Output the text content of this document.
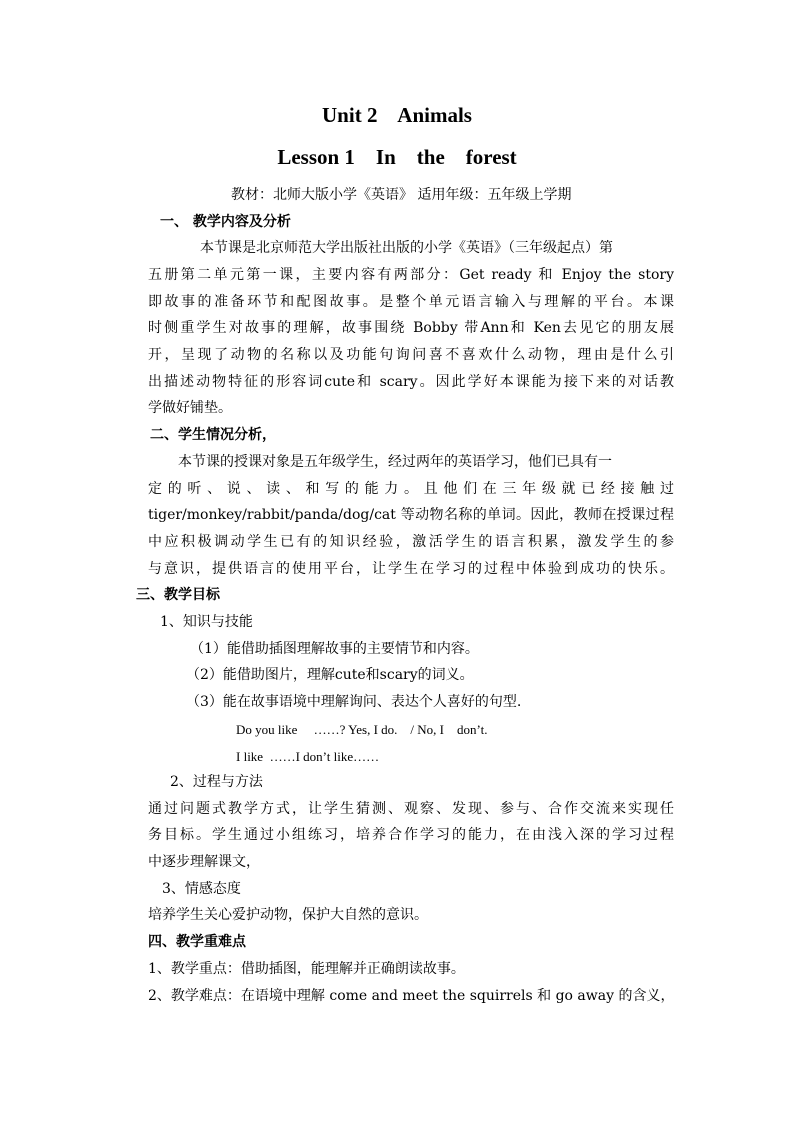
Unit 2    Animals
Lesson 1    In    the    forest
教材：北师大版小学《英语》 适用年级：五年级上学期
一、 教学内容及分析
本节课是北京师范大学出版社出版的小学《英语》（三年级起点）第
五册第二单元第一课，主要内容有两部分：Get ready 和 Enjoy the story
即故事的准备环节和配图故事。是整个单元语言输入与理解的平台。本课
时侧重学生对故事的理解，故事围绕 Bobby 带Ann和 Ken去见它的朋友展
开，呈现了动物的名称以及功能句询问喜不喜欢什么动物，理由是什么引
出描述动物特征的形容词cute和 scary。因此学好本课能为接下来的对话教
学做好铺垫。
二、学生情况分析，
本节课的授课对象是五年级学生，经过两年的英语学习，他们已具有一
定的听、说、读、和写的能力。且他们在三年级就已经接触过
tiger/monkey/rabbit/panda/dog/cat 等动物名称的单词。因此，教师在授课过程
中应积极调动学生已有的知识经验，激活学生的语言积累，激发学生的参
与意识，提供语言的使用平台，让学生在学习的过程中体验到成功的快乐。
三、教学目标
1、知识与技能
（1）能借助插图理解故事的主要情节和内容。
（2）能借助图片，理解cute和scary的词义。
（3）能在故事语境中理解询问、表达个人喜好的句型.
Do you like     ……? Yes, I do.    / No, I    don’t.
I like  ……I don’t like……
2、过程与方法
通过问题式教学方式，让学生猜测、观察、发现、参与、合作交流来实现任
务目标。学生通过小组练习，培养合作学习的能力，在由浅入深的学习过程
中逐步理解课文，
3、情感态度
培养学生关心爱护动物，保护大自然的意识。
四、教学重难点
1、教学重点：借助插图，能理解并正确朗读故事。
2、教学难点：在语境中理解 come and meet the squirrels 和 go away 的含义，
